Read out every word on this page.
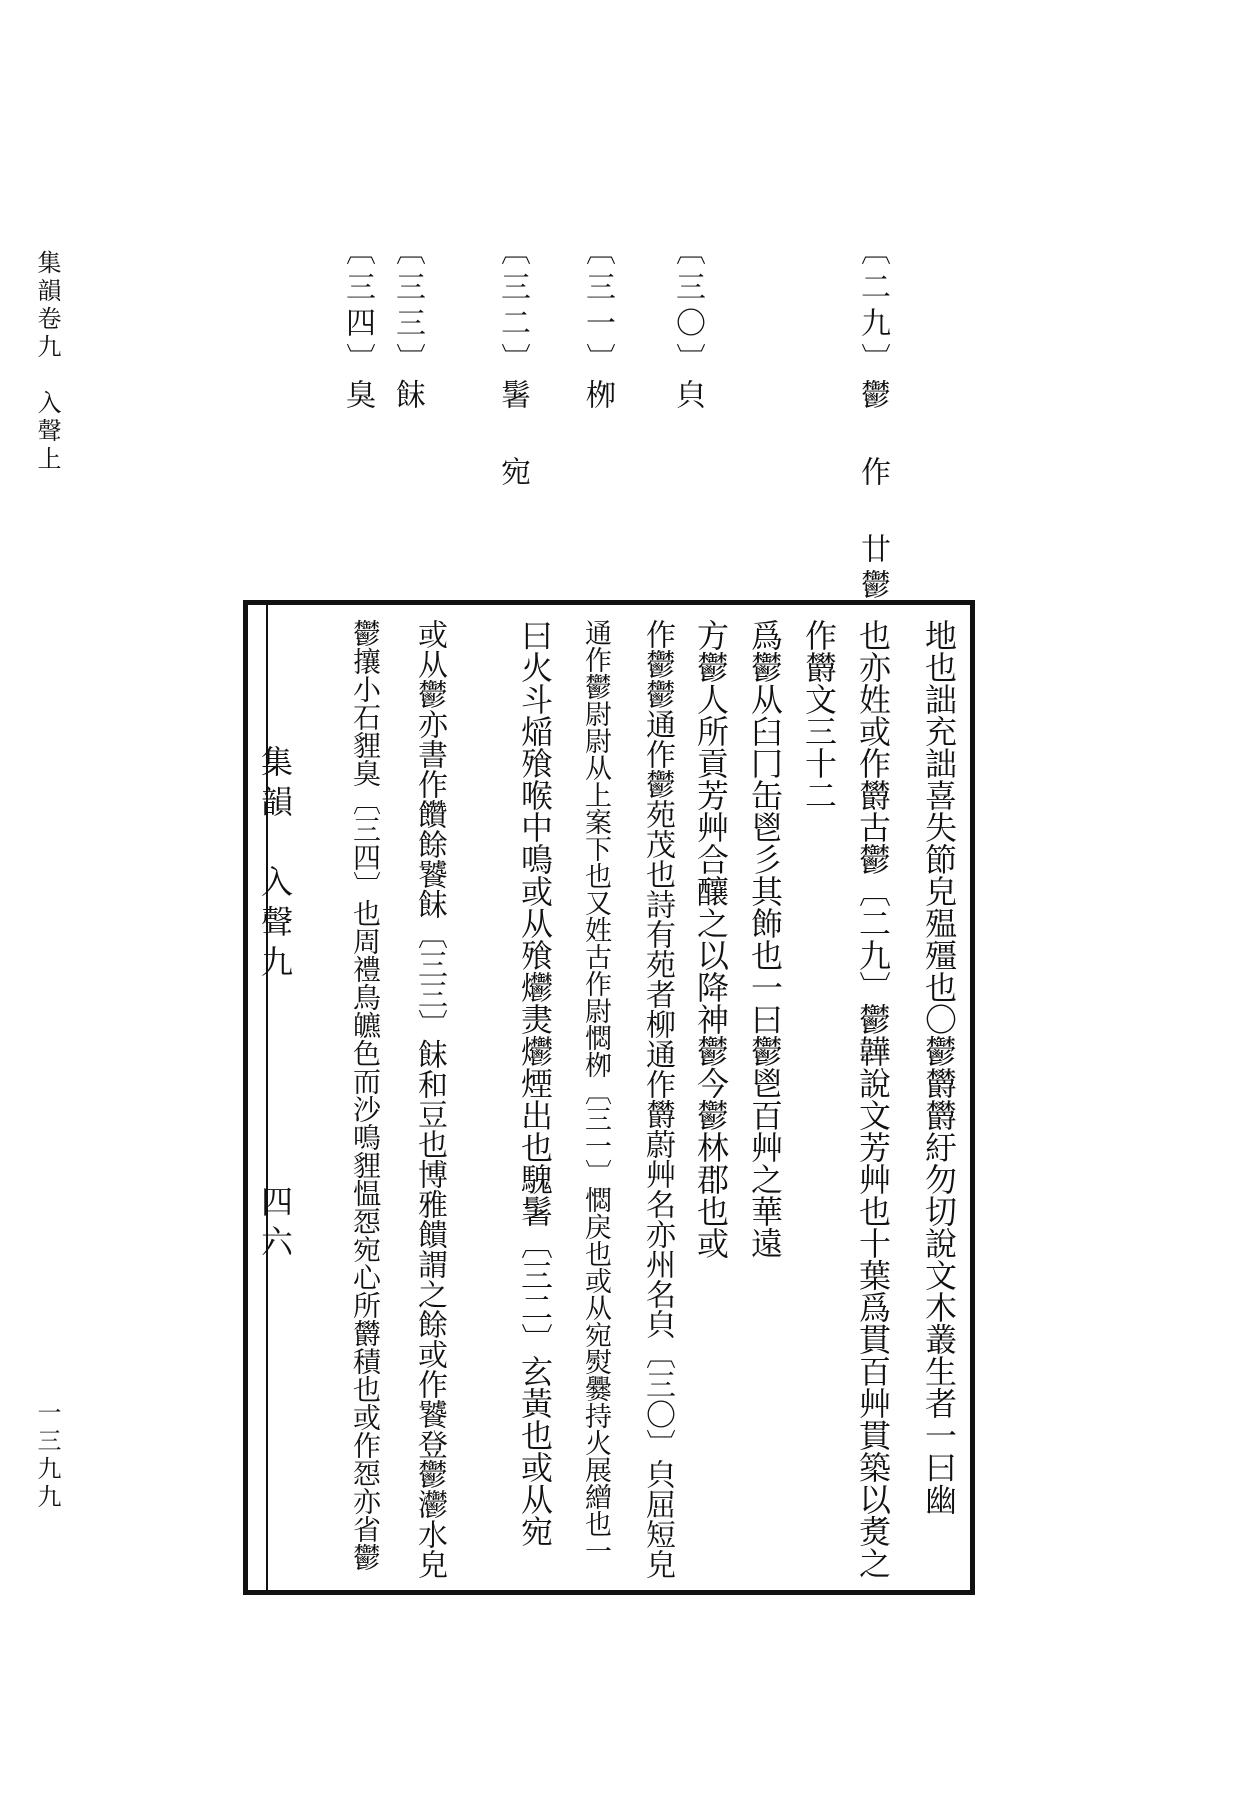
集韻卷九　入聲上
一三九九
〔二九〕鬱 作 廿鬱
〔三〇〕㒵
〔三一〕栁
〔三二〕䰇 宛
〔三三〕䬴
〔三四〕臭
集韻　入聲九　　　　　四六	地也詘充詘喜失節皃殟殭也〇鬱欝欝紆勿切說文木叢生者一曰幽
也亦姓或作欝古鬱〔二九〕鬱韡說文芳艸也十葉爲貫百艸貫築以煑之
作欝文三十二
爲鬱从臼冂缶鬯彡其飾也一曰鬱鬯百艸之華遠
方鬱人所貢芳艸合釀之以降神鬱今鬱林郡也或
作鬱鬱通作鬱苑茂也詩有苑者柳通作欝蔚艸名亦州名㒵〔三〇〕㒵屈短皃
通作鬱尉尉从上案下也又姓古作尉㦖栁〔三一〕㦖戾也或从宛熨爨持火展繒也一
曰火斗㷔飱喉中鳴或从飱爩㶳爩煙出也騩䰇〔三二〕玄黃也或从宛
或从鬱亦書作饡餘饕䬴〔三三〕䬴和豆也博雅饋謂之餘或作饕登鬱灪水皃
鬱攘小石貍臭〔三四〕也周禮鳥皫色而沙鳴貍愠㤪宛心所欝積也或作㤪亦省鬱
